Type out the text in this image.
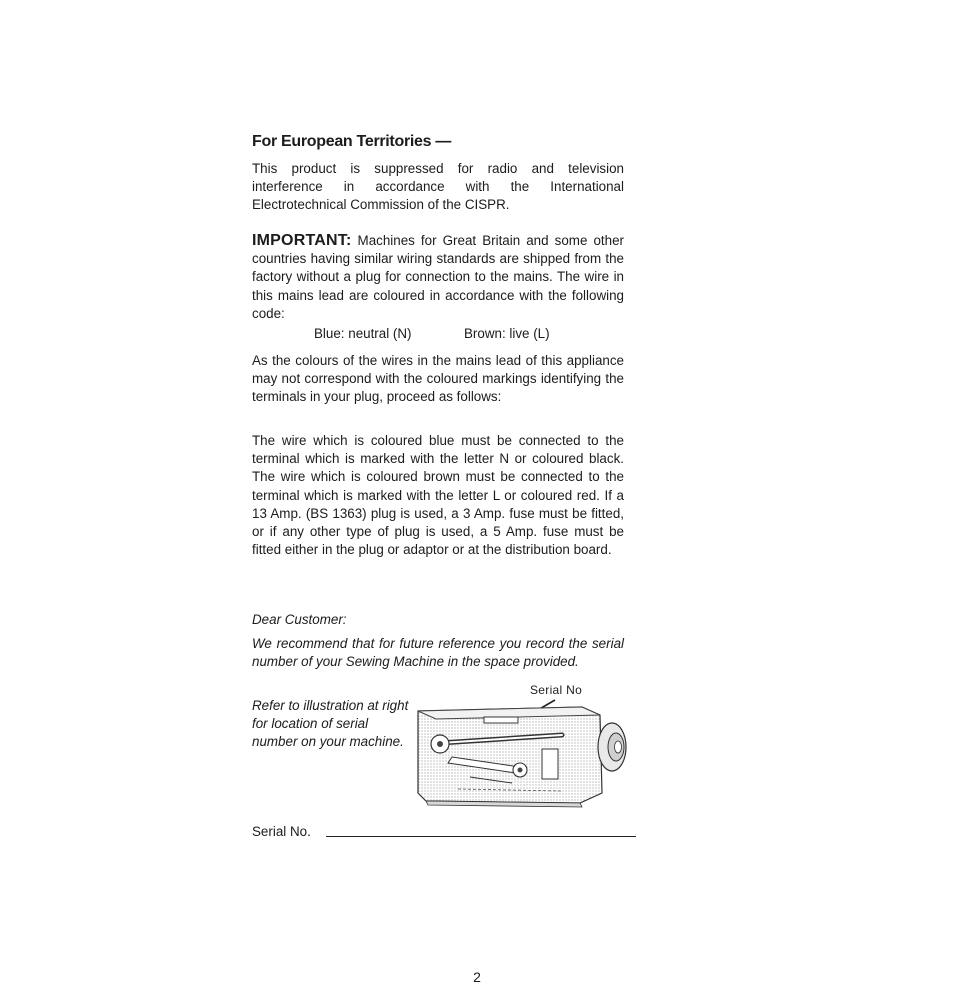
For European Territories —
This product is suppressed for radio and television interference in accordance with the International Electrotechnical Commission of the CISPR.
IMPORTANT: Machines for Great Britain and some other countries having similar wiring standards are shipped from the factory without a plug for connection to the mains. The wire in this mains lead are coloured in accordance with the following code:
Blue: neutral (N)	Brown: live (L)
As the colours of the wires in the mains lead of this appliance may not correspond with the coloured markings identifying the terminals in your plug, proceed as follows:
The wire which is coloured blue must be connected to the terminal which is marked with the letter N or coloured black. The wire which is coloured brown must be connected to the terminal which is marked with the letter L or coloured red. If a 13 Amp. (BS 1363) plug is used, a 3 Amp. fuse must be fitted, or if any other type of plug is used, a 5 Amp. fuse must be fitted either in the plug or adaptor or at the distribution board.
Dear Customer:
We recommend that for future reference you record the serial number of your Sewing Machine in the space provided.
Refer to illustration at right for location of serial number on your machine.
Serial No
Serial No.
2
